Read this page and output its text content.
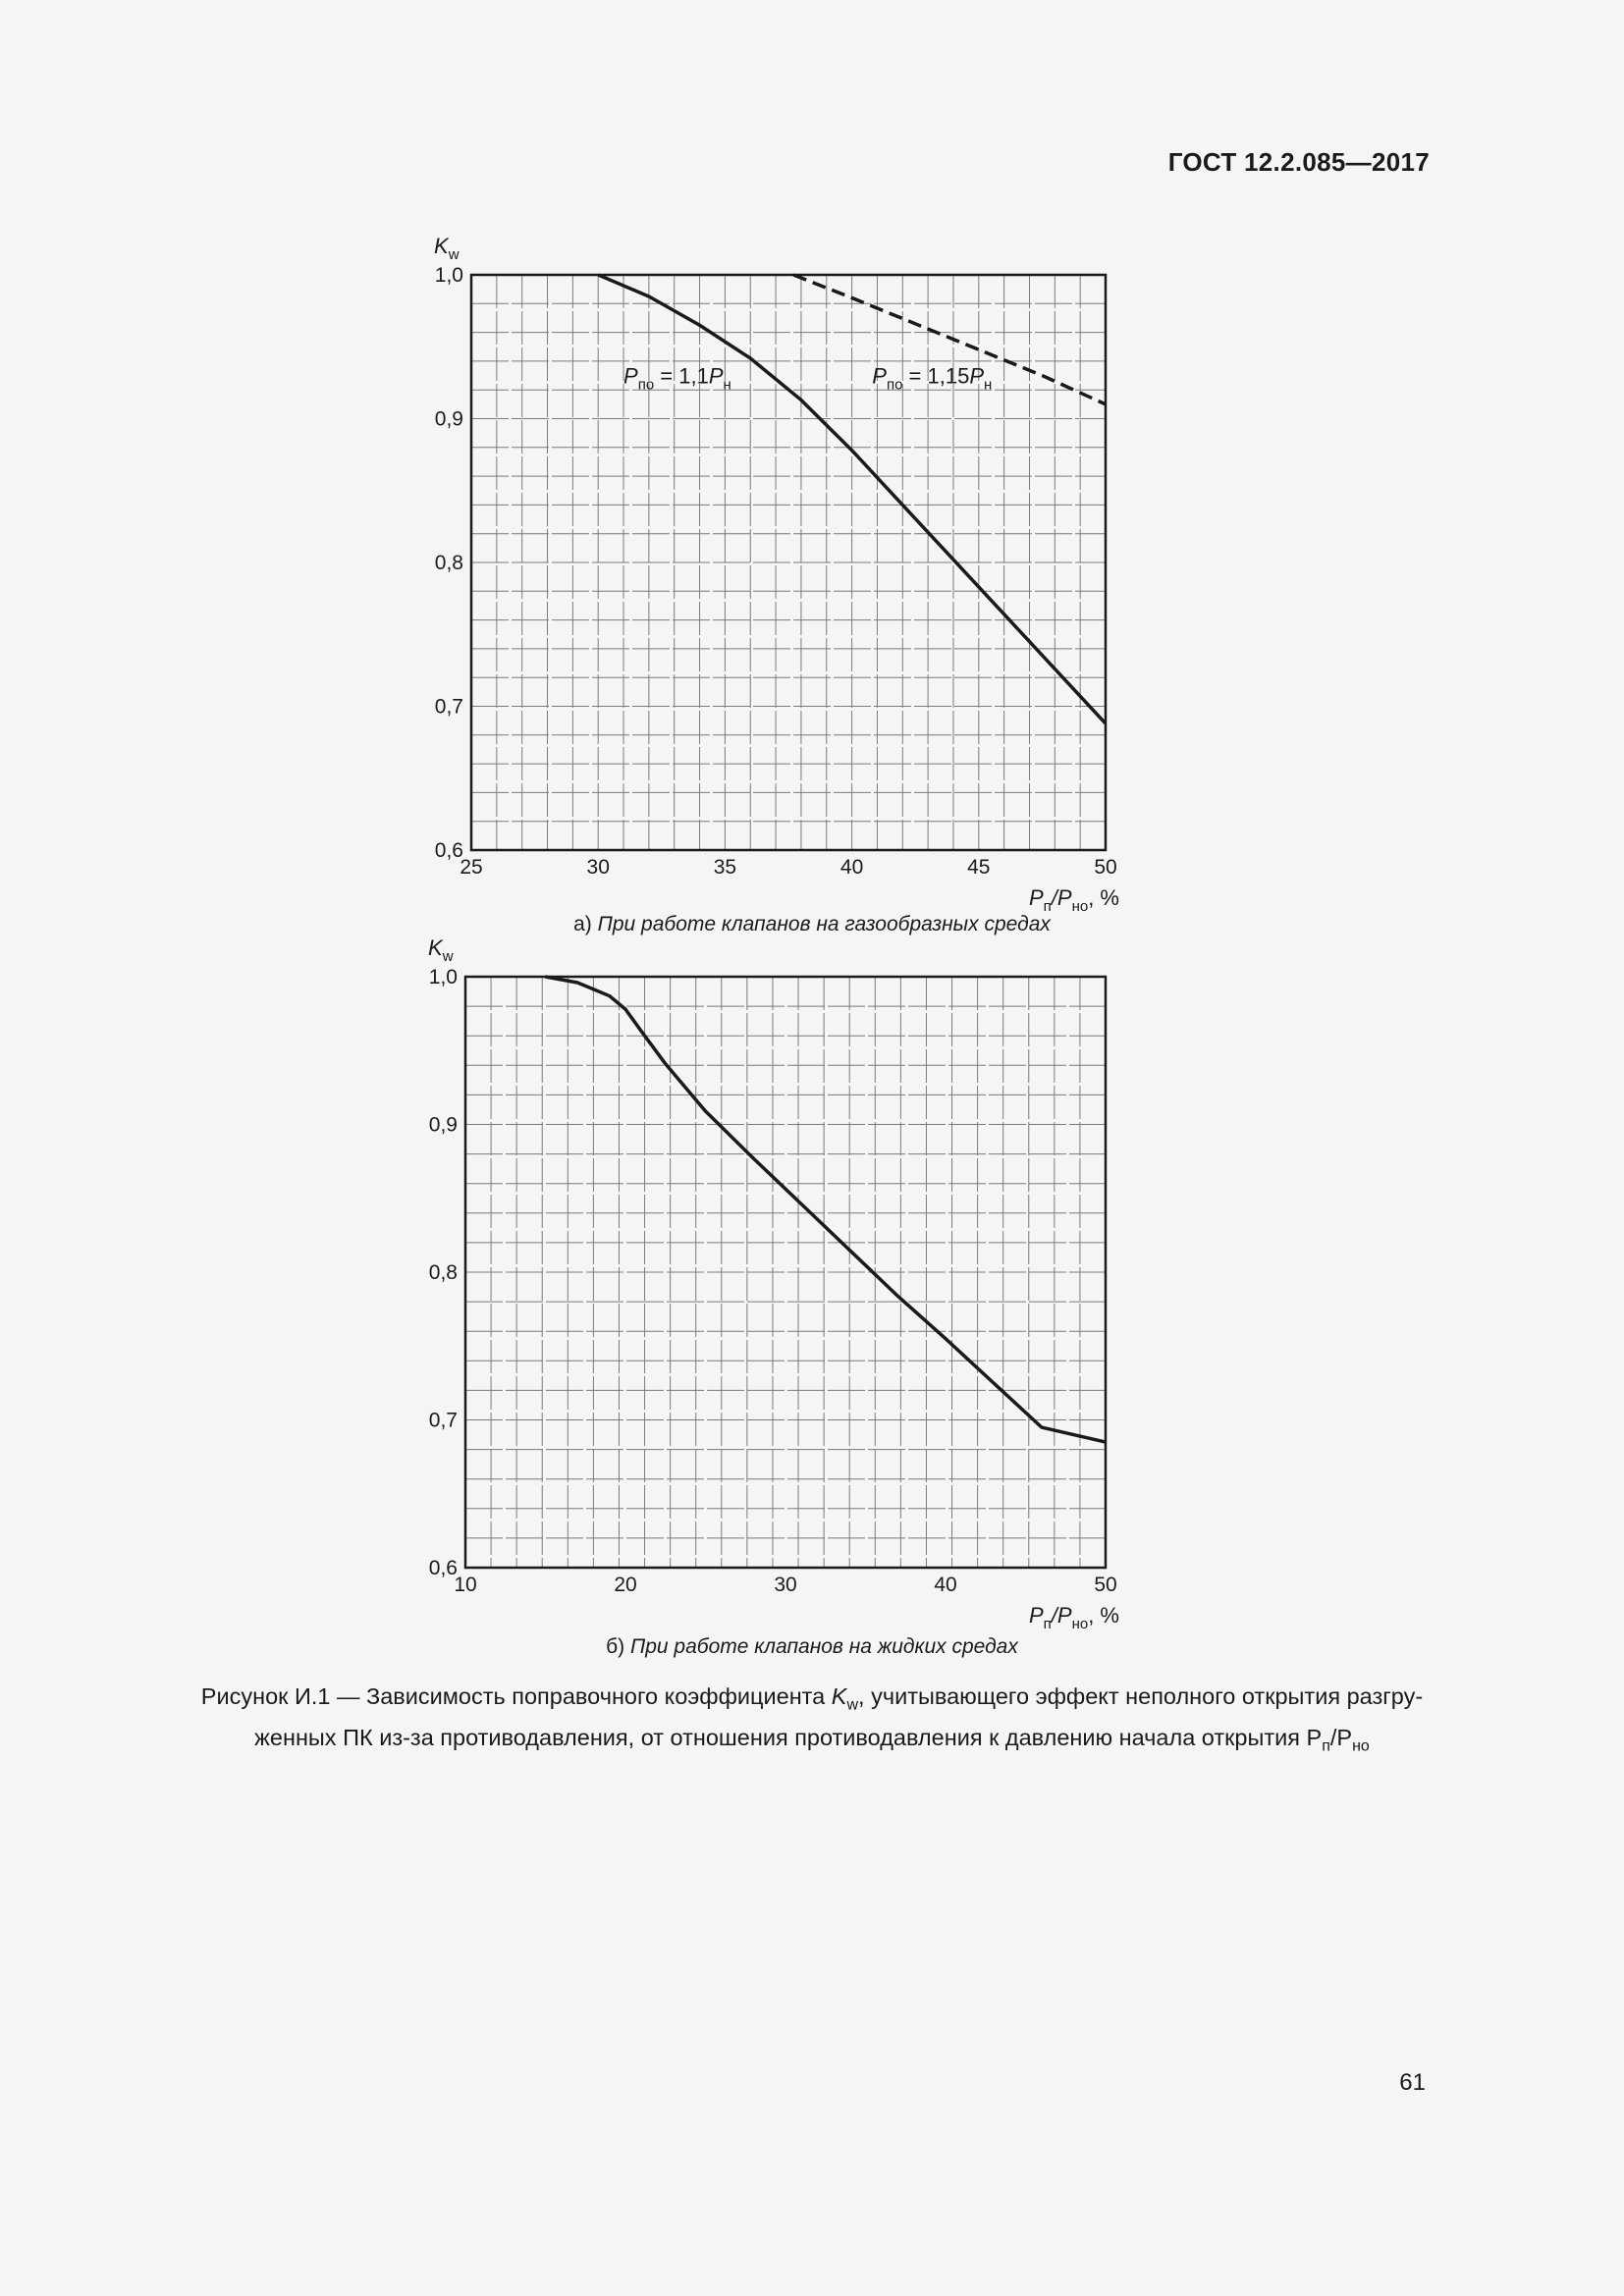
ГОСТ 12.2.085—2017
0,6
0,7
0,8
0,9
1,0
25	30	35	40	45	50
$K_w$
$P_п/P_{но}$, %
$P_{по} = 1,1P_н$	$P_{по} = 1,15P_н$
а) При работе клапанов на газообразных средах
0,6
0,7
0,8
0,9
1,0
10	20	30	40	50
$K_w$
$P_п/P_{но}$, %
б) При работе клапанов на жидких средах
Рисунок И.1 — Зависимость поправочного коэффициента $K_w$, учитывающего эффект неполного открытия разгру-
женных ПК из-за противодавления, от отношения противодавления к давлению начала открытия $Р_п/Р_{но}$
61
